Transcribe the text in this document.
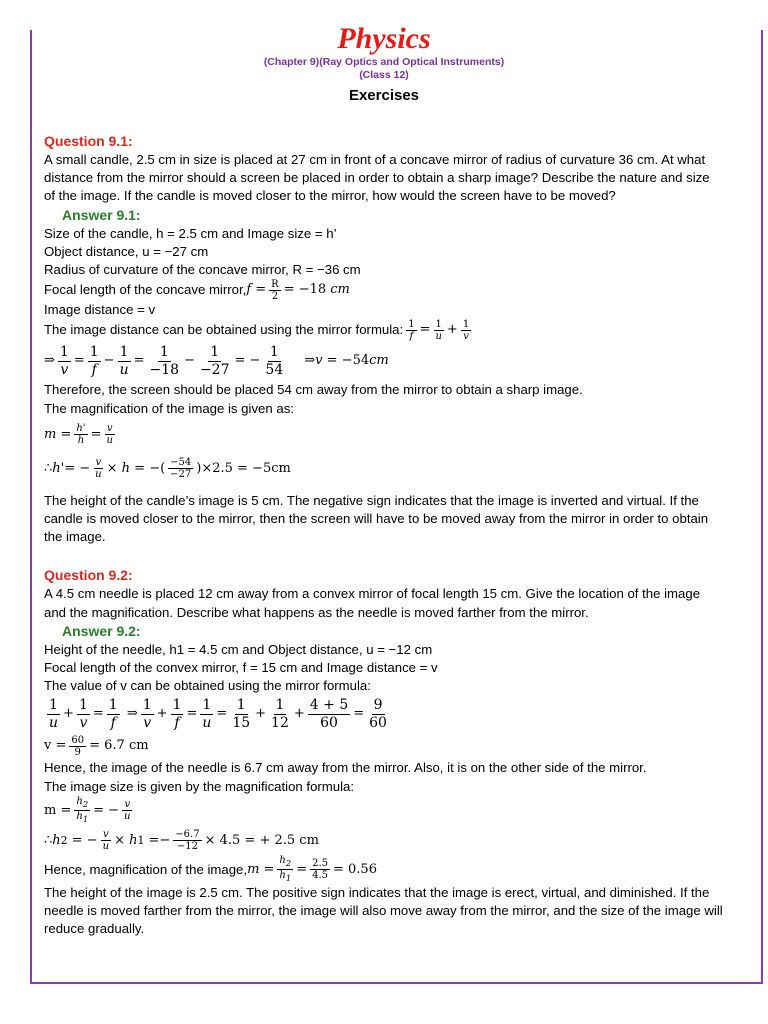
Physics
(Chapter 9)(Ray Optics and Optical Instruments)
(Class 12)
Exercises
Question 9.1:

A small candle, 2.5 cm in size is placed at 27 cm in front of a concave mirror of radius of curvature 36 cm. At what distance from the mirror should a screen be placed in order to obtain a sharp image? Describe the nature and size of the image. If the candle is moved closer to the mirror, how would the screen have to be moved?

Answer 9.1:

Size of the candle, h = 2.5 cm and Image size = h’

Object distance, u = −27 cm

Radius of curvature of the concave mirror, R = −36 cm

Focal length of the concave mirror, $f = \frac{R}{2} = -18$ cm

Image distance = v

The image distance can be obtained using the mirror formula: $\frac{1}{f} = \frac{1}{u} + \frac{1}{v}$
⇒ $\frac{1}{v} = \frac{1}{f} - \frac{1}{u} = \frac{1}{-18} - \frac{1}{-27}$ = − $\frac{1}{54}$ ⇒ v = −54 cm

Therefore, the screen should be placed 54 cm away from the mirror to obtain a sharp image.

The magnification of the image is given as:

$m = \frac{h'}{h} = \frac{v}{u}$
∴h'= − $\frac{v}{u} \times h$ = −( $\frac{-54}{-27} )\times 2.5 = -5cm$

The height of the candle’s image is 5 cm. The negative sign indicates that the image is inverted and virtual. If the candle is moved closer to the mirror, then the screen will have to be moved away from the mirror in order to obtain the image.

Question 9.2:

A 4.5 cm needle is placed 12 cm away from a convex mirror of focal length 15 cm. Give the location of the image and the magnification. Describe what happens as the needle is moved farther from the mirror.

Answer 9.2:

Height of the needle, h1 = 4.5 cm and Object distance, u = −12 cm

Focal length of the convex mirror, f = 15 cm and Image distance = v

The value of v can be obtained using the mirror formula:

$\frac{1}{u} + \frac{1}{v} = \frac{1}{f}$ ⇒ $\frac{1}{v} + \frac{1}{f} = \frac{1}{u} = \frac{1}{15} + \frac{1}{12} + \frac{4 + 5}{60} = \frac{9}{60}$
$v = \frac{60}{9} = 6.7$ cm

Hence, the image of the needle is 6.7 cm away from the mirror. Also, it is on the other side of the mirror.

The image size is given by the magnification formula:

$m = \frac{h_2}{h_1}$ = − $\frac{v}{u}$
∴ h 2 = − $\frac{v}{u} \times h$ $1 =- \frac{-6.7}{-12} \times 4.5$ = + 2.5 cm
Hence, magnification of the image, $m = \frac{h_2}{h_1} = \frac{2.5}{4.5} = 0.56$

The height of the image is 2.5 cm. The positive sign indicates that the image is erect, virtual, and diminished. If the needle is moved farther from the mirror, the image will also move away from the mirror, and the size of the image will reduce gradually.
